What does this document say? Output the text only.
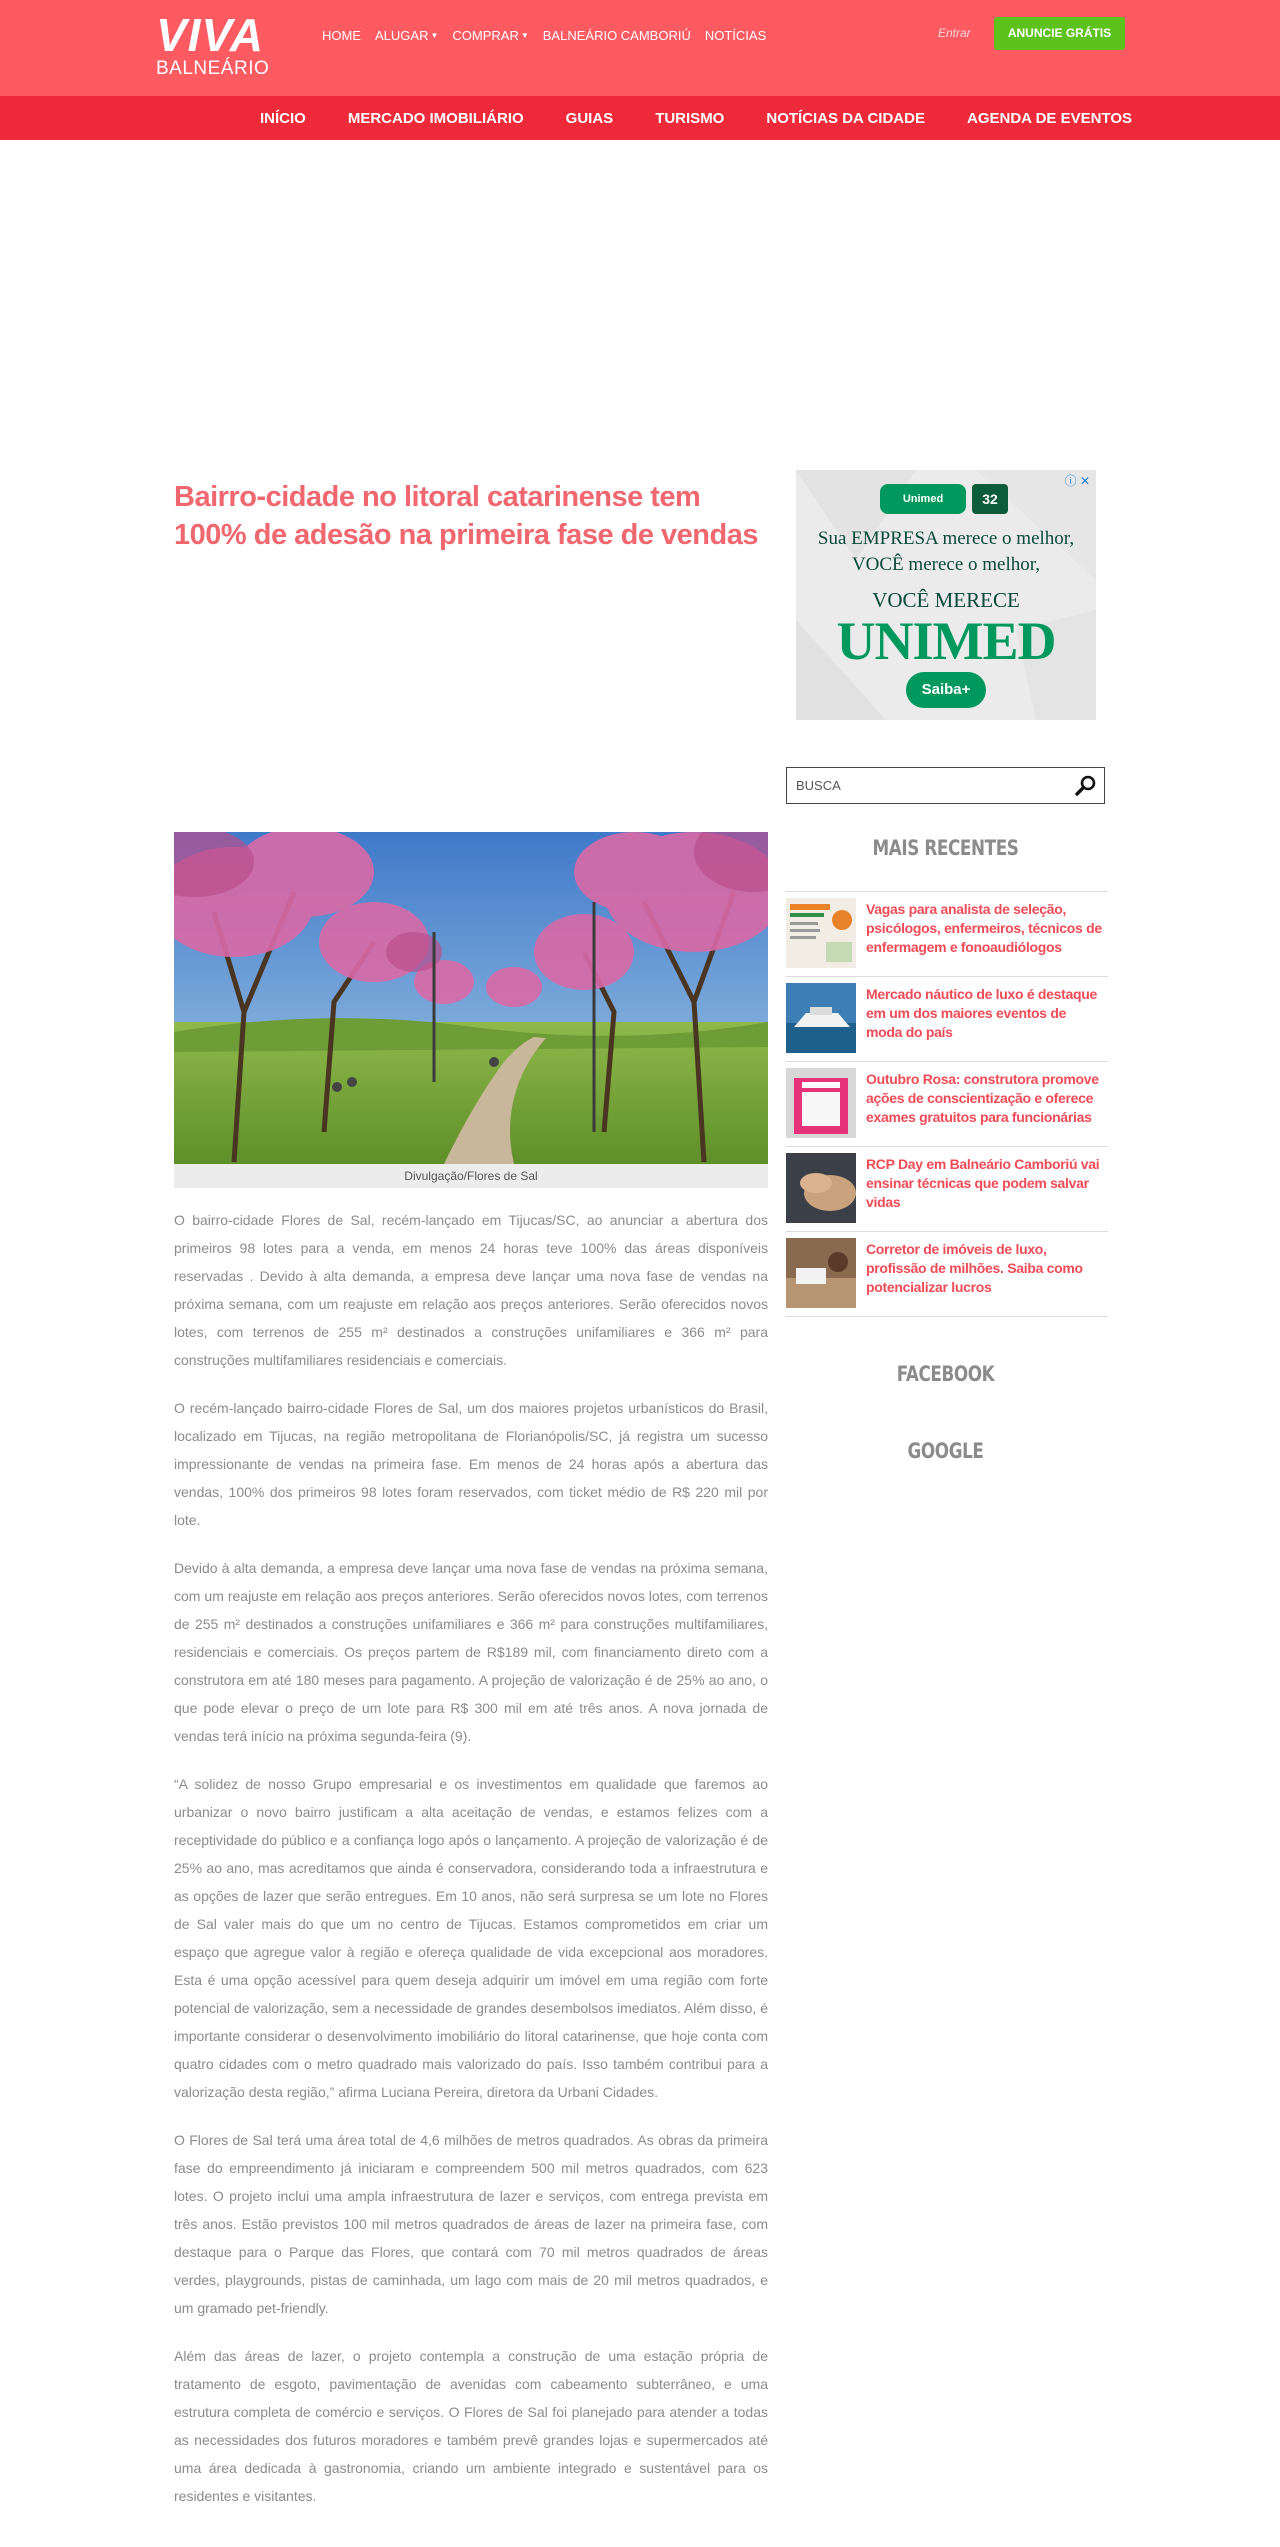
VIVA
BALNEÁRIO
HOME ALUGAR ▼ COMPRAR ▼ BALNEÁRIO CAMBORIÚ NOTÍCIAS	Entrar	ANUNCIE GRÁTIS
INÍCIO	MERCADO IMOBILIÁRIO	GUIAS	TURISMO	NOTÍCIAS DA CIDADE	AGENDA DE EVENTOS
Bairro-cidade no litoral catarinense tem 100% de adesão na primeira fase de vendas
Divulgação/Flores de Sal

O bairro-cidade Flores de Sal, recém-lançado em Tijucas/SC, ao anunciar a abertura dos primeiros 98 lotes para a venda, em menos 24 horas teve 100% das áreas disponíveis reservadas . Devido à alta demanda, a empresa deve lançar uma nova fase de vendas na próxima semana, com um reajuste em relação aos preços anteriores. Serão oferecidos novos lotes, com terrenos de 255 m² destinados a construções unifamiliares e 366 m² para construções multifamiliares residenciais e comerciais.

O recém-lançado bairro-cidade Flores de Sal, um dos maiores projetos urbanísticos do Brasil, localizado em Tijucas, na região metropolitana de Florianópolis/SC, já registra um sucesso impressionante de vendas na primeira fase. Em menos de 24 horas após a abertura das vendas, 100% dos primeiros 98 lotes foram reservados, com ticket médio de R$ 220 mil por lote.

Devido à alta demanda, a empresa deve lançar uma nova fase de vendas na próxima semana, com um reajuste em relação aos preços anteriores. Serão oferecidos novos lotes, com terrenos de 255 m² destinados a construções unifamiliares e 366 m² para construções multifamiliares, residenciais e comerciais. Os preços partem de R$189 mil, com financiamento direto com a construtora em até 180 meses para pagamento. A projeção de valorização é de 25% ao ano, o que pode elevar o preço de um lote para R$ 300 mil em até três anos. A nova jornada de vendas terá início na próxima segunda-feira (9).

“A solidez de nosso Grupo empresarial e os investimentos em qualidade que faremos ao urbanizar o novo bairro justificam a alta aceitação de vendas, e estamos felizes com a receptividade do público e a confiança logo após o lançamento. A projeção de valorização é de 25% ao ano, mas acreditamos que ainda é conservadora, considerando toda a infraestrutura e as opções de lazer que serão entregues. Em 10 anos, não será surpresa se um lote no Flores de Sal valer mais do que um no centro de Tijucas. Estamos comprometidos em criar um espaço que agregue valor à região e ofereça qualidade de vida excepcional aos moradores. Esta é uma opção acessível para quem deseja adquirir um imóvel em uma região com forte potencial de valorização, sem a necessidade de grandes desembolsos imediatos. Além disso, é importante considerar o desenvolvimento imobiliário do litoral catarinense, que hoje conta com quatro cidades com o metro quadrado mais valorizado do país. Isso também contribui para a valorização desta região,” afirma Luciana Pereira, diretora da Urbani Cidades.

O Flores de Sal terá uma área total de 4,6 milhões de metros quadrados. As obras da primeira fase do empreendimento já iniciaram e compreendem 500 mil metros quadrados, com 623 lotes. O projeto inclui uma ampla infraestrutura de lazer e serviços, com entrega prevista em três anos. Estão previstos 100 mil metros quadrados de áreas de lazer na primeira fase, com destaque para o Parque das Flores, que contará com 70 mil metros quadrados de áreas verdes, playgrounds, pistas de caminhada, um lago com mais de 20 mil metros quadrados, e um gramado pet-friendly.

Além das áreas de lazer, o projeto contempla a construção de uma estação própria de tratamento de esgoto, pavimentação de avenidas com cabeamento subterrâneo, e uma estrutura completa de comércio e serviços. O Flores de Sal foi planejado para atender a todas as necessidades dos futuros moradores e também prevê grandes lojas e supermercados até uma área dedicada à gastronomia, criando um ambiente integrado e sustentável para os residentes e visitantes.

ⓘ ✕
Unimed	32
Sua EMPRESA merece o melhor,
VOCÊ merece o melhor,
VOCÊ MERECE
UNIMED
Saiba+
BUSCA
MAIS RECENTES
Vagas para analista de seleção, psicólogos, enfermeiros, técnicos de enfermagem e fonoaudiólogos
Mercado náutico de luxo é destaque em um dos maiores eventos de moda do país
Outubro Rosa: construtora promove ações de conscientização e oferece exames gratuitos para funcionárias
RCP Day em Balneário Camboriú vai ensinar técnicas que podem salvar vidas
Corretor de imóveis de luxo, profissão de milhões. Saiba como potencializar lucros
FACEBOOK
GOOGLE
